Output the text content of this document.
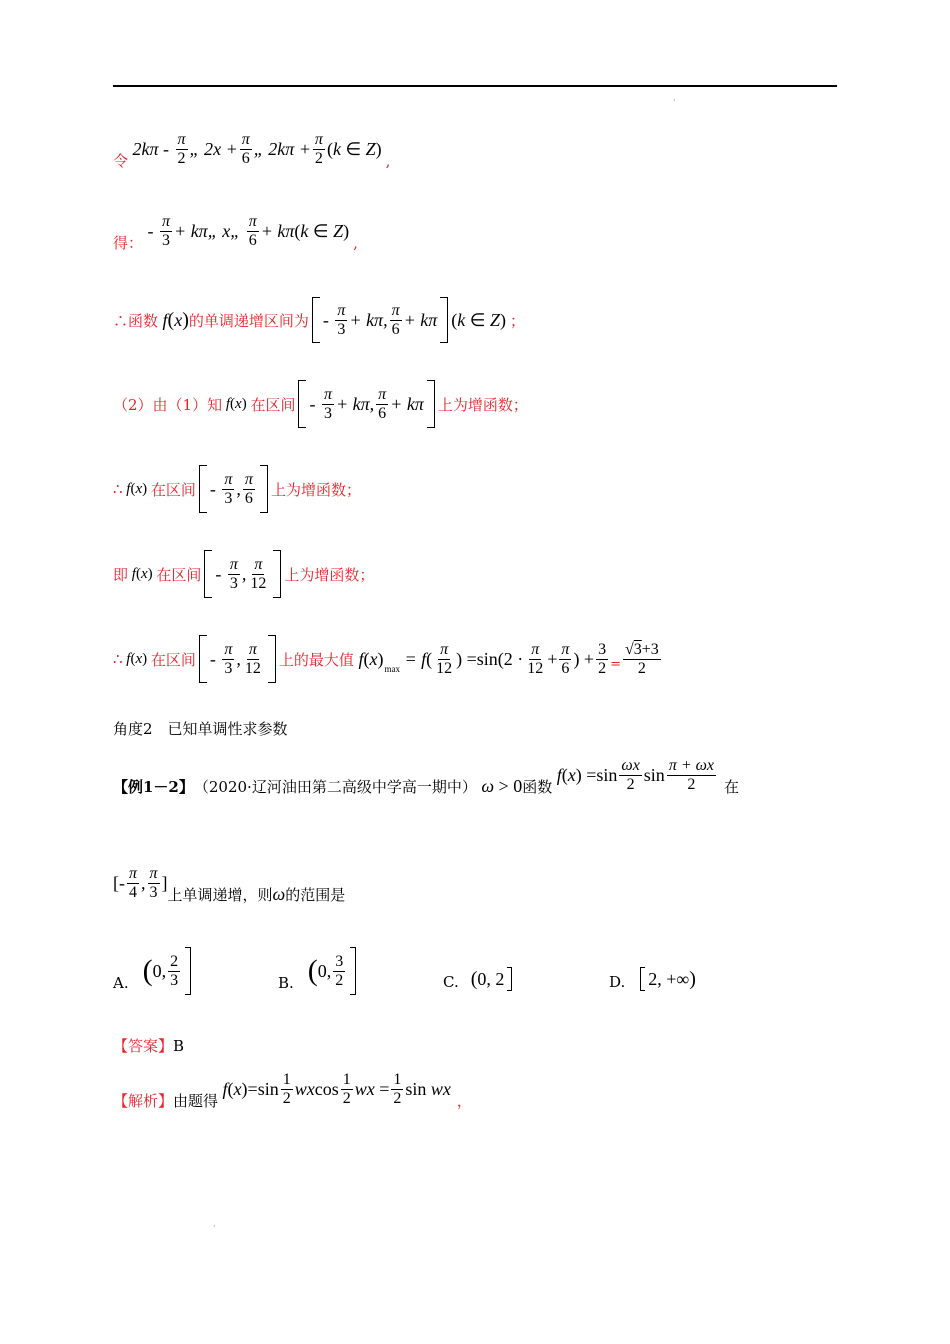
·
·
令
2 kπ - $\frac{\pi}{2}$ „ 2 $x + \frac{\pi}{6}$ „ 2 $k\pi + \frac{\pi}{2}$ ( k ∈ Z )
,
得：
- $\frac{\pi}{3} + k\pi$ „ x „ $\frac{\pi}{6} + k\pi$ ( k ∈ Z )
,
∴函数
f ( x ) 的单调递增区间为 - $\frac{\pi}{3} + k\pi$ , $\frac{\pi}{6} + k\pi$ ( k ∈ Z ) ；
（2）由（1）知
f ( x )
在区间 - $\frac{\pi}{3} + k\pi$ , $\frac{\pi}{6} + k\pi$ 上为增函数；
∴
f ( x )
在区间 - $\frac{\pi}{3}$ , $\frac{\pi}{6}$ 上为增函数；
即
f ( x )
在区间 - $\frac{\pi}{3}$ , $\frac{\pi}{12}$ 上为增函数；
∴
f ( x )
在区间 - $\frac{\pi}{3}$ , $\frac{\pi}{12}$ 上的最大值
f ( x ) max = f ( $\frac{\pi}{12}$ ) $=\sin(2 \cdot \frac{\pi}{12} + \frac{\pi}{6}$ ) + $\frac{3}{2} = \frac{√3+3}{2}$
角度2　已知单调性求参数
【例1－2】 （2020·辽河油田第二高级中学高一期中） ω > 0 函数

f ( x ) $=\sin \frac{\omega x}{2}$ $\sin \frac{\pi + \omega x}{2}$ 在
[- $\frac{\pi}{4}$ , $\frac{\pi}{3}$ ]
上单调递增，则 ω 的范围是
A. ( 0, $\frac{2}{3}$	B. ( 0, $\frac{3}{2}$	C. ( 0, 2	D. 2, +∞ )
【答案】 B
【解析】 由题得

f ( x )$=\sin \frac{1}{2}$ wx $\cos \frac{1}{2}$ wx
= $\frac{1}{2}$ sin wx
，
